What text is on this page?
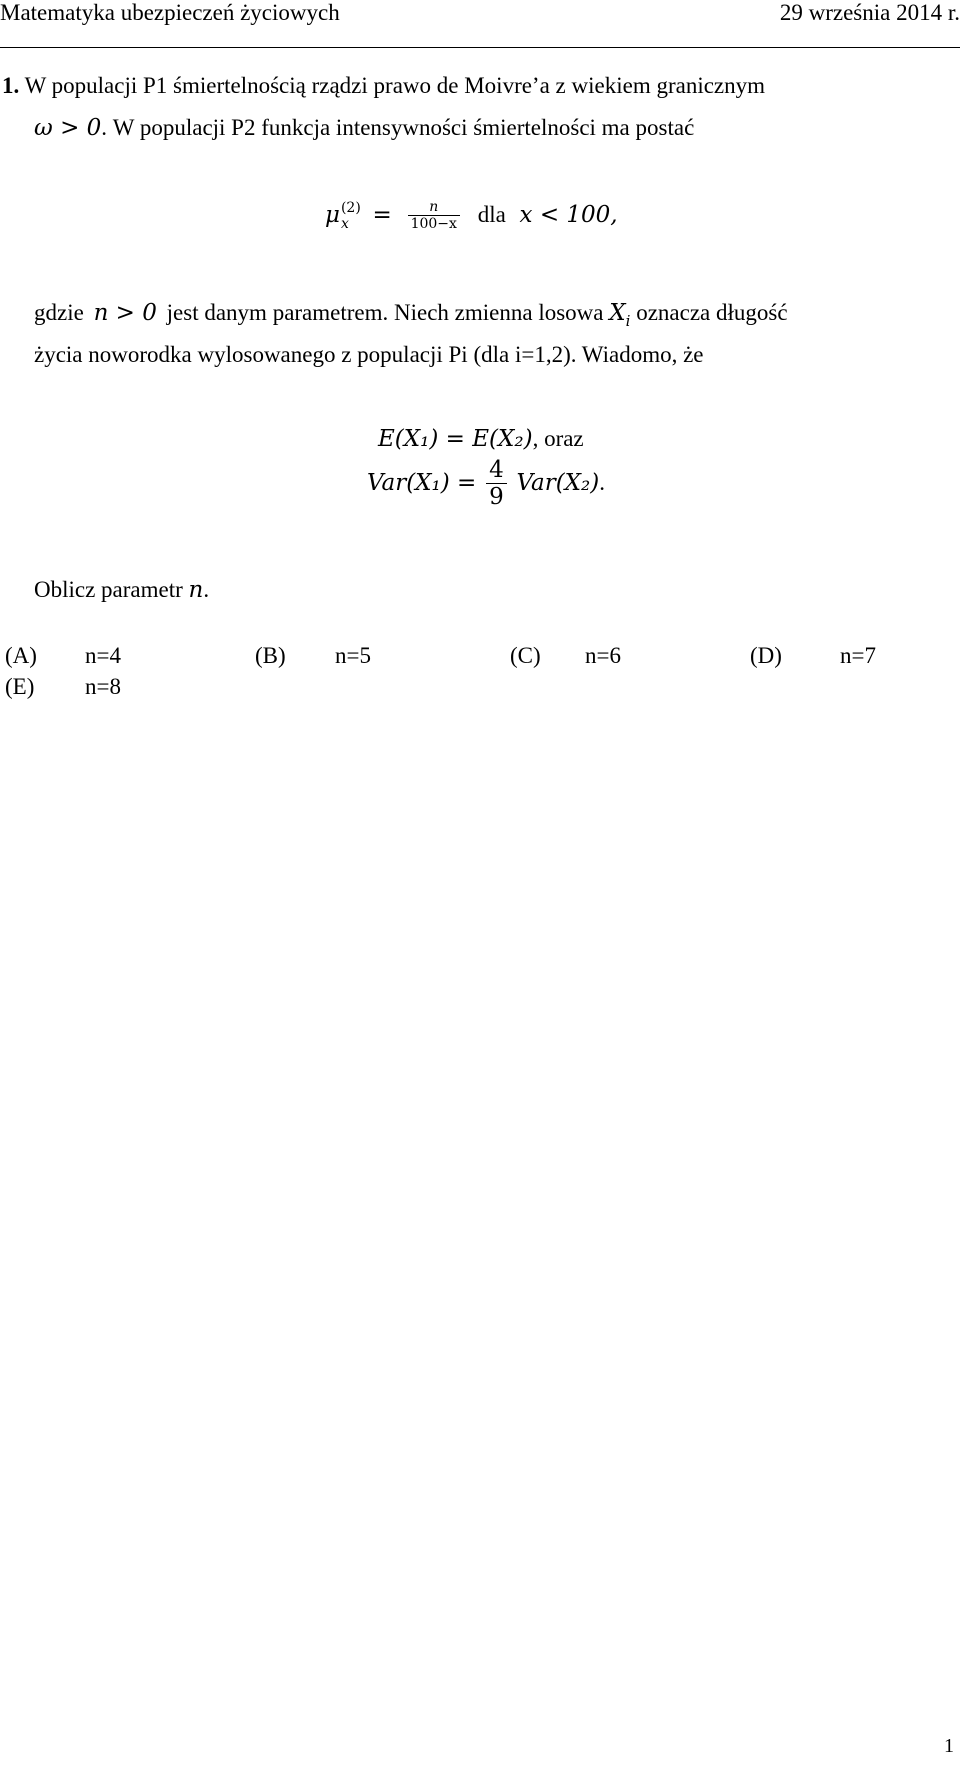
Matematyka ubezpieczeń życiowych	29 września 2014 r.
1. W populacji P1 śmiertelnością rządzi prawo de Moivre’a z wiekiem granicznym
ω > 0. W populacji P2 funkcja intensywności śmiertelności ma postać
μ (2)
x	= $\frac{n}{100-x}$ dla x < 100,
gdzie n > 0 jest danym parametrem. Niech zmienna losowa $X_i$ oznacza długość
życia noworodka wylosowanego z populacji Pi (dla i=1,2). Wiadomo, że
E(X₁) = E(X₂), oraz
$Var(X_1) = \frac{4}{9} Var(X_2)$.
Oblicz parametr n.
(A) n=4	(B) n=5	(C) n=6	(D)	n=7
(E) n=8
1
